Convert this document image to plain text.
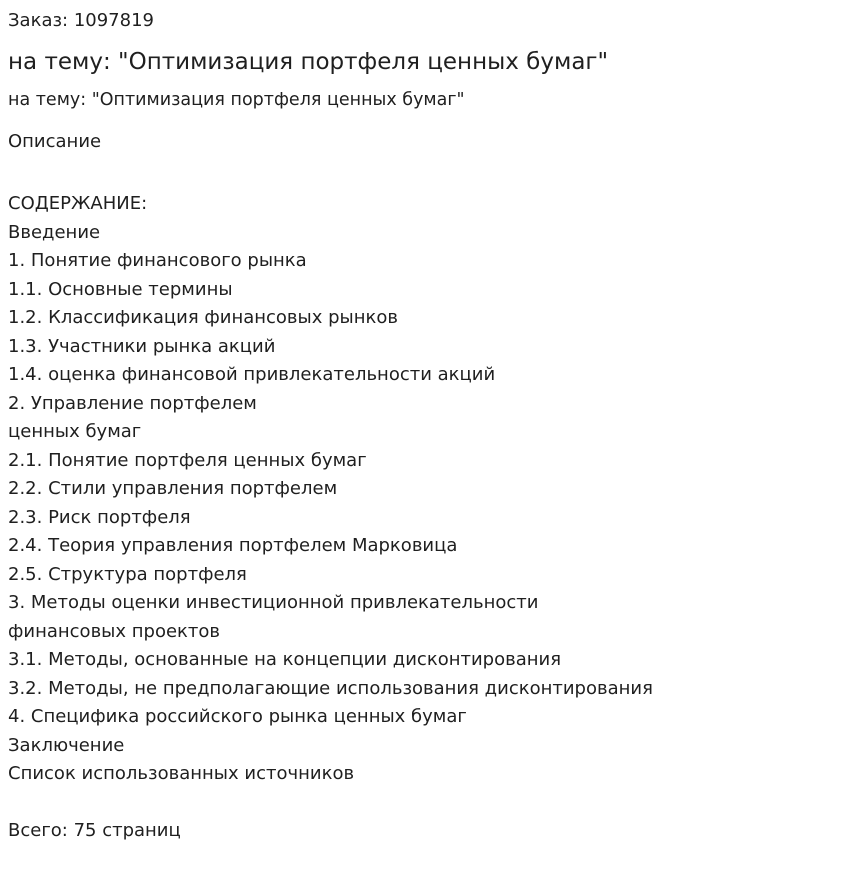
Заказ: 1097819
на тему: "Оптимизация портфеля ценных бумаг"
на тему: "Оптимизация портфеля ценных бумаг"
Описание
СОДЕРЖАНИЕ:
Введение
1. Понятие финансового рынка
1.1. Основные термины
1.2. Классификация финансовых рынков
1.3. Участники рынка акций
1.4. оценка финансовой привлекательности акций
2. Управление портфелем
ценных бумаг
2.1. Понятие портфеля ценных бумаг
2.2. Стили управления портфелем
2.3. Риск портфеля
2.4. Теория управления портфелем Марковица
2.5. Структура портфеля
3. Методы оценки инвестиционной привлекательности
финансовых проектов
3.1. Методы, основанные на концепции дисконтирования
3.2. Методы, не предполагающие использования дисконтирования
4. Специфика российского рынка ценных бумаг
Заключение
Список использованных источников
Всего: 75 страниц
